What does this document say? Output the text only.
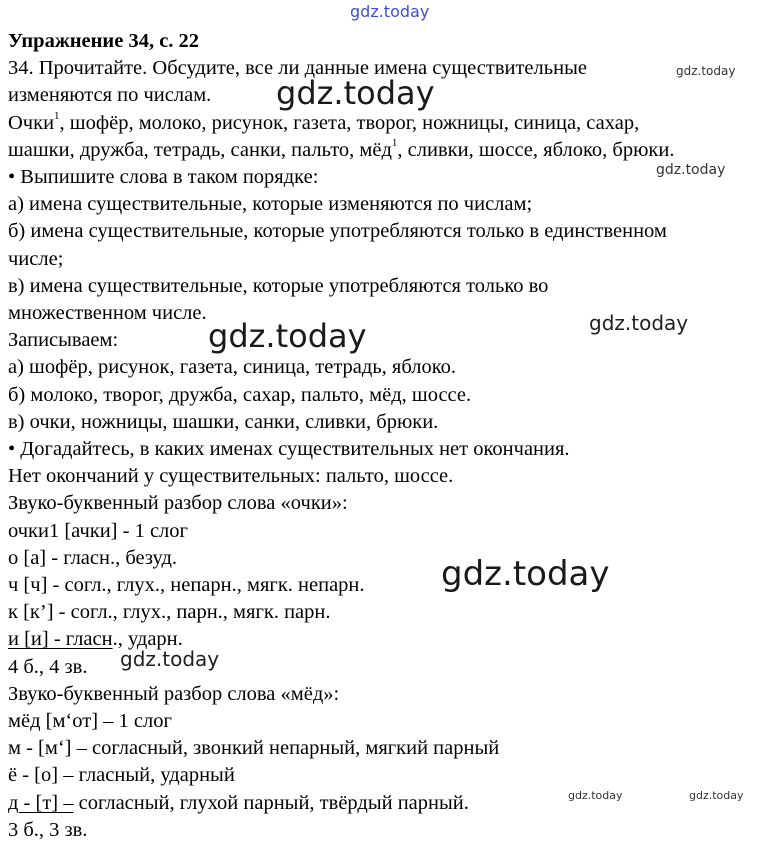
gdz.today
gdz.today
gdz.today
gdz.today
gdz.today
gdz.today
gdz.today
gdz.today
gdz.today	gdz.today
Упражнение 34, с. 22
34. Прочитайте. Обсудите, все ли данные имена существительные
изменяются по числам.
Очки$^1$, шофёр, молоко, рисунок, газета, творог, ножницы, синица, сахар,
шашки, дружба, тетрадь, санки, пальто, мёд$^1$, сливки, шоссе, яблоко, брюки.
• Выпишите слова в таком порядке:
а) имена существительные, которые изменяются по числам;
б) имена существительные, которые употребляются только в единственном
числе;
в) имена существительные, которые употребляются только во
множественном числе.
Записываем:
а) шофёр, рисунок, газета, синица, тетрадь, яблоко.
б) молоко, творог, дружба, сахар, пальто, мёд, шоссе.
в) очки, ножницы, шашки, санки, сливки, брюки.
• Догадайтесь, в каких именах существительных нет окончания.
Нет окончаний у существительных: пальто, шоссе.
Звуко-буквенный разбор слова «очки»:
очки1 [ачки] - 1 слог
о [а] - гласн., безуд.
ч [ч] - согл., глух., непарн., мягк. непарн.
к [к’] - согл., глух., парн., мягк. парн.
и [и] - гласн., ударн.
4 б., 4 зв.
Звуко-буквенный разбор слова «мёд»:
мёд [м‘от] – 1 слог
м - [м‘] – согласный, звонкий непарный, мягкий парный
ё - [о] – гласный, ударный
д - [т] – согласный, глухой парный, твёрдый парный.
3 б., 3 зв.
